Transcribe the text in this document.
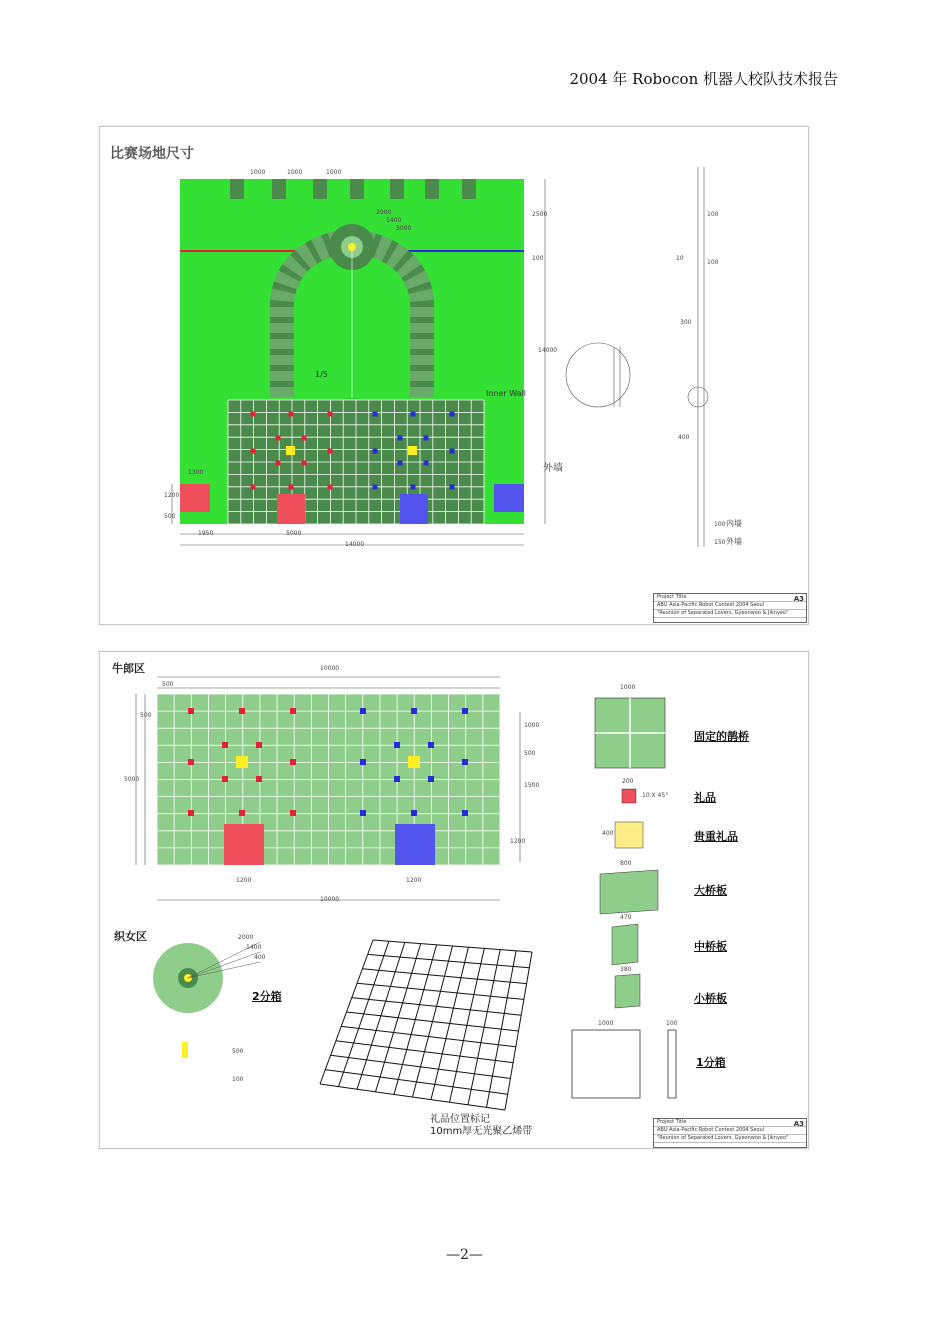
2004 年 Robocon 机器人校队技术报告
比赛场地尺寸
1000	1000	1000
2500
100
14000
1950	5000
14000
1200
500
1300
2000
1400
3000
1/5
Inner Wall
外墙
100
100
10
300
400
100 内墙
150 外墙
Project Title
ABU Asia-Pacific Robot Contest 2004 Seoul
"Reunion of Separated Lovers, Gyeonwoo & Jiknyeo"
A3
牛郎区
织女区
10000
500
5000
500
1000
500
1500
1200
1200	1200
10000
2000
1400
400
2分箱
500
100
礼品位置标记
10mm厚无光聚乙烯带
1000
固定的鹊桥
200
10 X 45° 礼品
400	贵重礼品
800
大桥板
470
中桥板
380
小桥板
1000	100
1分箱
Project Title
ABU Asia-Pacific Robot Contest 2004 Seoul
"Reunion of Separated Lovers, Gyeonwoo & Jiknyeo"
A3
—2—
